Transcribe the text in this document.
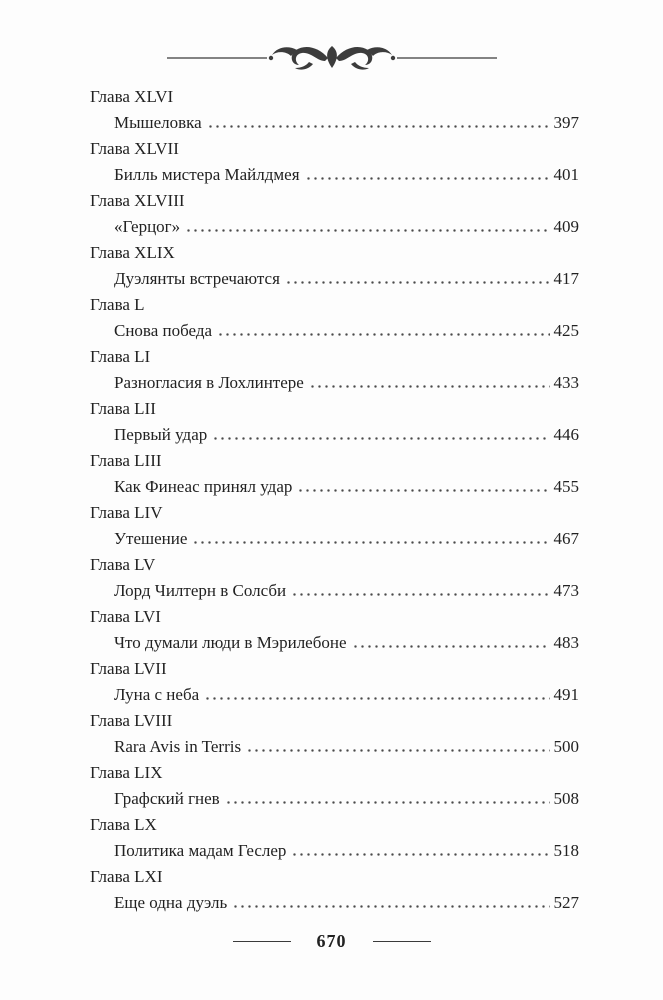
Глава XLVI
Мышеловка	397
Глава XLVII
Билль мистера Майлдмея	401
Глава XLVIII
«Герцог»	409
Глава XLIX
Дуэлянты встречаются	417
Глава L
Снова победа	425
Глава LI
Разногласия в Лохлинтере	433
Глава LII
Первый удар	446
Глава LIII
Как Финеас принял удар	455
Глава LIV
Утешение	467
Глава LV
Лорд Чилтерн в Солсби	473
Глава LVI
Что думали люди в Мэрилебоне	483
Глава LVII
Луна с неба	491
Глава LVIII
Rara Avis in Terris	500
Глава LIX
Графский гнев	508
Глава LX
Политика мадам Геслер	518
Глава LXI
Еще одна дуэль	527
670
